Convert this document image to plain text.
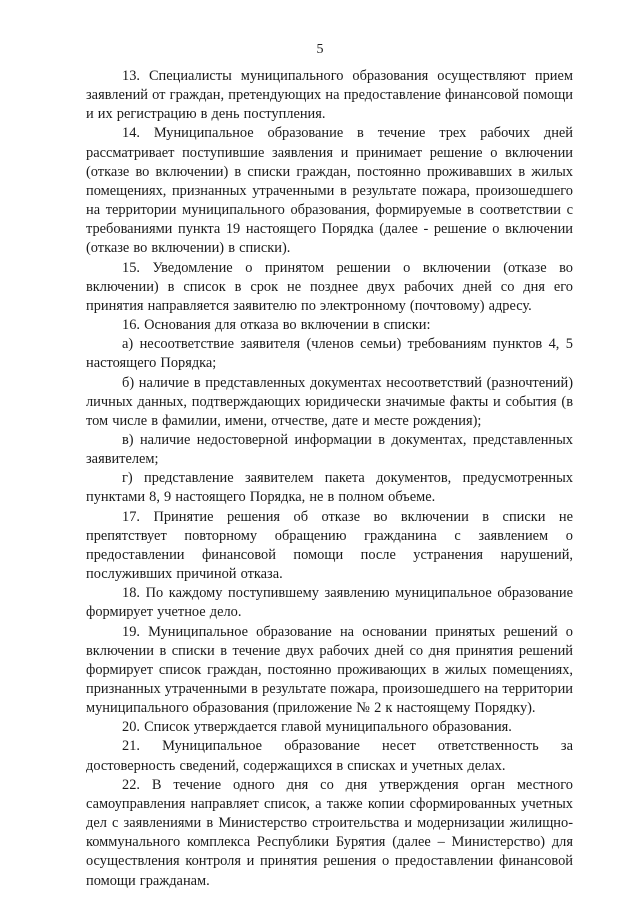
5

13. Специалисты муниципального образования осуществляют прием заявлений от граждан, претендующих на предоставление финансовой помощи и их регистрацию в день поступления.

14. Муниципальное образование в течение трех рабочих дней рассматривает поступившие заявления и принимает решение о включении (отказе во включении) в списки граждан, постоянно проживавших в жилых помещениях, признанных утраченными в результате пожара, произошедшего на территории муниципального образования, формируемые в соответствии с требованиями пункта 19 настоящего Порядка (далее - решение о включении (отказе во включении) в списки).

15. Уведомление о принятом решении о включении (отказе во включении) в список в срок не позднее двух рабочих дней со дня его принятия направляется заявителю по электронному (почтовому) адресу.

16. Основания для отказа во включении в списки:

а) несоответствие заявителя (членов семьи) требованиям пунктов 4, 5 настоящего Порядка;

б) наличие в представленных документах несоответствий (разночтений) личных данных, подтверждающих юридически значимые факты и события (в том числе в фамилии, имени, отчестве, дате и месте рождения);

в) наличие недостоверной информации в документах, представленных заявителем;

г) представление заявителем пакета документов, предусмотренных пунктами 8, 9 настоящего Порядка, не в полном объеме.

17. Принятие решения об отказе во включении в списки не препятствует повторному обращению гражданина с заявлением о предоставлении финансовой помощи после устранения нарушений, послуживших причиной отказа.

18. По каждому поступившему заявлению муниципальное образование формирует учетное дело.

19. Муниципальное образование на основании принятых решений о включении в списки в течение двух рабочих дней со дня принятия решений формирует список граждан, постоянно проживающих в жилых помещениях, признанных утраченными в результате пожара, произошедшего на территории муниципального образования (приложение № 2 к настоящему Порядку).

20. Список утверждается главой муниципального образования.

21. Муниципальное образование несет ответственность за достоверность сведений, содержащихся в списках и учетных делах.

22. В течение одного дня со дня утверждения орган местного самоуправления направляет список, а также копии сформированных учетных дел с заявлениями в Министерство строительства и модернизации жилищно-коммунального комплекса Республики Бурятия (далее – Министерство) для осуществления контроля и принятия решения о предоставлении финансовой помощи гражданам.
